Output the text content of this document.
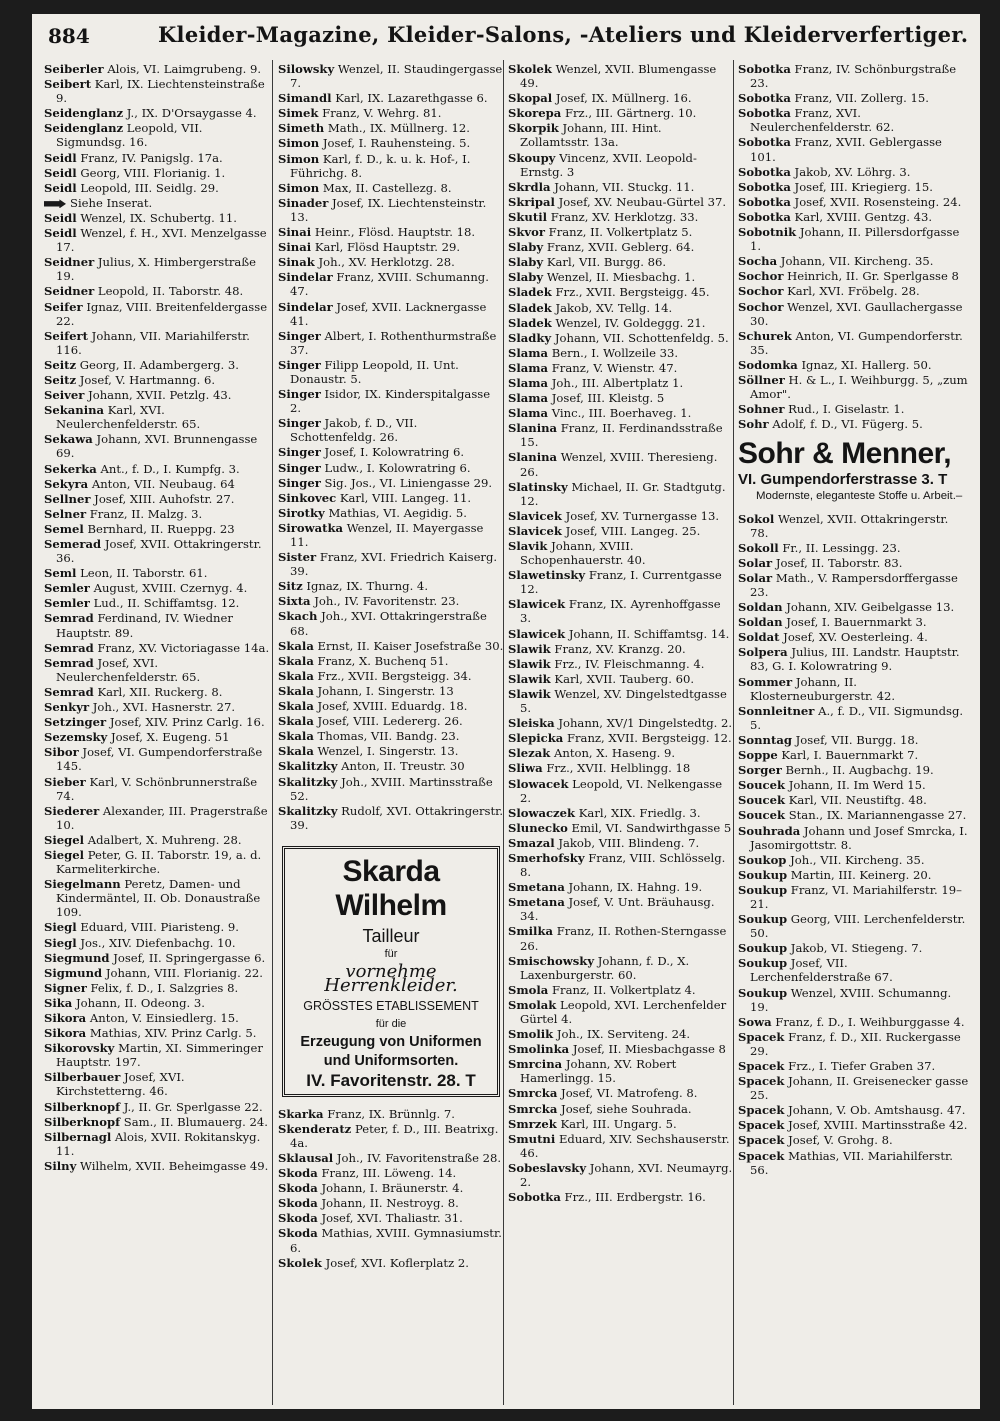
884	Kleider-Magazine, Kleider-Salons, -Ateliers und Kleiderverfertiger.
Seiberler Alois, VI. Laimgrubeng. 9.
Seibert Karl, IX. Liechtensteinstraße 9.
Seidenglanz J., IX. D'Orsaygasse 4.
Seidenglanz Leopold, VII. Sigmundsg. 16.
Seidl Franz, IV. Panigslg. 17a.
Seidl Georg, VIII. Florianig. 1.
Seidl Leopold, III. Seidlg. 29.
Siehe Inserat.
Seidl Wenzel, IX. Schubertg. 11.
Seidl Wenzel, f. H., XVI. Menzelgasse 17.
Seidner Julius, X. Himbergerstraße 19.
Seidner Leopold, II. Taborstr. 48.
Seifer Ignaz, VIII. Breitenfeldergasse 22.
Seifert Johann, VII. Mariahilferstr. 116.
Seitz Georg, II. Adambergerg. 3.
Seitz Josef, V. Hartmanng. 6.
Seiver Johann, XVII. Petzlg. 43.
Sekanina Karl, XVI. Neulerchenfelderstr. 65.
Sekawa Johann, XVI. Brunnengasse 69.
Sekerka Ant., f. D., I. Kumpfg. 3.
Sekyra Anton, VII. Neubaug. 64
Sellner Josef, XIII. Auhofstr. 27.
Selner Franz, II. Malzg. 3.
Semel Bernhard, II. Rueppg. 23
Semerad Josef, XVII. Ottakringerstr. 36.
Seml Leon, II. Taborstr. 61.
Semler August, XVIII. Czernyg. 4.
Semler Lud., II. Schiffamtsg. 12.
Semrad Ferdinand, IV. Wiedner Hauptstr. 89.
Semrad Franz, XV. Victoriagasse 14a.
Semrad Josef, XVI. Neulerchenfelderstr. 65.
Semrad Karl, XII. Ruckerg. 8.
Senkyr Joh., XVI. Hasnerstr. 27.
Setzinger Josef, XIV. Prinz Carlg. 16.
Sezemsky Josef, X. Eugeng. 51
Sibor Josef, VI. Gumpendorferstraße 145.
Sieber Karl, V. Schönbrunnerstraße 74.
Siederer Alexander, III. Pragerstraße 10.
Siegel Adalbert, X. Muhreng. 28.
Siegel Peter, G. II. Taborstr. 19, a. d. Karmeliterkirche.
Siegelmann Peretz, Damen- und Kindermäntel, II. Ob. Donaustraße 109.
Siegl Eduard, VIII. Piaristeng. 9.
Siegl Jos., XIV. Diefenbachg. 10.
Siegmund Josef, II. Springergasse 6.
Sigmund Johann, VIII. Florianig. 22.
Signer Felix, f. D., I. Salzgries 8.
Sika Johann, II. Odeong. 3.
Sikora Anton, V. Einsiedlerg. 15.
Sikora Mathias, XIV. Prinz Carlg. 5.
Sikorovsky Martin, XI. Simmeringer Hauptstr. 197.
Silberbauer Josef, XVI. Kirchstetterng. 46.
Silberknopf J., II. Gr. Sperlgasse 22.
Silberknopf Sam., II. Blumauerg. 24.
Silbernagl Alois, XVII. Rokitanskyg. 11.
Silny Wilhelm, XVII. Beheimgasse 49.
Silowsky Wenzel, II. Staudingergasse 7.
Simandl Karl, IX. Lazarethgasse 6.
Simek Franz, V. Wehrg. 81.
Simeth Math., IX. Müllnerg. 12.
Simon Josef, I. Rauhensteing. 5.
Simon Karl, f. D., k. u. k. Hof-, I. Führichg. 8.
Simon Max, II. Castellezg. 8.
Sinader Josef, IX. Liechtensteinstr. 13.
Sinai Heinr., Flösd. Hauptstr. 18.
Sinai Karl, Flösd Hauptstr. 29.
Sinak Joh., XV. Herklotzg. 28.
Sindelar Franz, XVIII. Schumanng. 47.
Sindelar Josef, XVII. Lacknergasse 41.
Singer Albert, I. Rothenthurmstraße 37.
Singer Filipp Leopold, II. Unt. Donaustr. 5.
Singer Isidor, IX. Kinderspitalgasse 2.
Singer Jakob, f. D., VII. Schottenfeldg. 26.
Singer Josef, I. Kolowratring 6.
Singer Ludw., I. Kolowratring 6.
Singer Sig. Jos., VI. Liniengasse 29.
Sinkovec Karl, VIII. Langeg. 11.
Sirotky Mathias, VI. Aegidig. 5.
Sirowatka Wenzel, II. Mayergasse 11.
Sister Franz, XVI. Friedrich Kaiserg. 39.
Sitz Ignaz, IX. Thurng. 4.
Sixta Joh., IV. Favoritenstr. 23.
Skach Joh., XVI. Ottakringerstraße 68.
Skala Ernst, II. Kaiser Josefstraße 30.
Skala Franz, X. Buchenq 51.
Skala Frz., XVII. Bergsteigg. 34.
Skala Johann, I. Singerstr. 13
Skala Josef, XVIII. Eduardg. 18.
Skala Josef, VIII. Ledererg. 26.
Skala Thomas, VII. Bandg. 23.
Skala Wenzel, I. Singerstr. 13.
Skalitzky Anton, II. Treustr. 30
Skalitzky Joh., XVIII. Martinsstraße 52.
Skalitzky Rudolf, XVI. Ottakringerstr. 39.
Skarda Wilhelm
Tailleur
für
vornehme Herrenkleider.
GRÖSSTES ETABLISSEMENT
für die
Erzeugung von Uniformen
und Uniformsorten.
IV. Favoritenstr. 28. T
Skarka Franz, IX. Brünnlg. 7.
Skenderatz Peter, f. D., III. Beatrixg. 4a.
Sklausal Joh., IV. Favoritenstraße 28.
Skoda Franz, III. Löweng. 14.
Skoda Johann, I. Bräunerstr. 4.
Skoda Johann, II. Nestroyg. 8.
Skoda Josef, XVI. Thaliastr. 31.
Skoda Mathias, XVIII. Gymnasiumstr. 6.
Skolek Josef, XVI. Koflerplatz 2.
Skolek Wenzel, XVII. Blumengasse 49.
Skopal Josef, IX. Müllnerg. 16.
Skorepa Frz., III. Gärtnerg. 10.
Skorpik Johann, III. Hint. Zollamtsstr. 13a.
Skoupy Vincenz, XVII. Leopold-Ernstg. 3
Skrdla Johann, VII. Stuckg. 11.
Skripal Josef, XV. Neubau-Gürtel 37.
Skutil Franz, XV. Herklotzg. 33.
Skvor Franz, II. Volkertplatz 5.
Slaby Franz, XVII. Geblerg. 64.
Slaby Karl, VII. Burgg. 86.
Slaby Wenzel, II. Miesbachg. 1.
Sladek Frz., XVII. Bergsteigg. 45.
Sladek Jakob, XV. Tellg. 14.
Sladek Wenzel, IV. Goldeggg. 21.
Sladky Johann, VII. Schottenfeldg. 5.
Slama Bern., I. Wollzeile 33.
Slama Franz, V. Wienstr. 47.
Slama Joh., III. Albertplatz 1.
Slama Josef, III. Kleistg. 5
Slama Vinc., III. Boerhaveg. 1.
Slanina Franz, II. Ferdinandsstraße 15.
Slanina Wenzel, XVIII. Theresieng. 26.
Slatinsky Michael, II. Gr. Stadtgutg. 12.
Slavicek Josef, XV. Turnergasse 13.
Slavicek Josef, VIII. Langeg. 25.
Slavik Johann, XVIII. Schopenhauerstr. 40.
Slawetinsky Franz, I. Currentgasse 12.
Slawicek Franz, IX. Ayrenhoffgasse 3.
Slawicek Johann, II. Schiffamtsg. 14.
Slawik Franz, XV. Kranzg. 20.
Slawik Frz., IV. Fleischmanng. 4.
Slawik Karl, XVII. Tauberg. 60.
Slawik Wenzel, XV. Dingelstedtgasse 5.
Sleiska Johann, XV/1 Dingelstedtg. 2.
Slepicka Franz, XVII. Bergsteigg. 12.
Slezak Anton, X. Haseng. 9.
Sliwa Frz., XVII. Helblingg. 18
Slowacek Leopold, VI. Nelkengasse 2.
Slowaczek Karl, XIX. Friedlg. 3.
Slunecko Emil, VI. Sandwirthgasse 5
Smazal Jakob, VIII. Blindeng. 7.
Smerhofsky Franz, VIII. Schlösselg. 8.
Smetana Johann, IX. Hahng. 19.
Smetana Josef, V. Unt. Bräuhausg. 34.
Smilka Franz, II. Rothen-Sterngasse 26.
Smischowsky Johann, f. D., X. Laxenburgerstr. 60.
Smola Franz, II. Volkertplatz 4.
Smolak Leopold, XVI. Lerchenfelder Gürtel 4.
Smolik Joh., IX. Serviteng. 24.
Smolinka Josef, II. Miesbachgasse 8
Smrcina Johann, XV. Robert Hamerlingg. 15.
Smrcka Josef, VI. Matrofeng. 8.
Smrcka Josef, siehe Souhrada.
Smrzek Karl, III. Ungarg. 5.
Smutni Eduard, XIV. Sechshauserstr. 46.
Sobeslavsky Johann, XVI. Neumayrg. 2.
Sobotka Frz., III. Erdbergstr. 16.
Sobotka Franz, IV. Schönburgstraße 23.
Sobotka Franz, VII. Zollerg. 15.
Sobotka Franz, XVI. Neulerchenfelderstr. 62.
Sobotka Franz, XVII. Geblergasse 101.
Sobotka Jakob, XV. Löhrg. 3.
Sobotka Josef, III. Kriegierg. 15.
Sobotka Josef, XVII. Rosensteing. 24.
Sobotka Karl, XVIII. Gentzg. 43.
Sobotnik Johann, II. Pillersdorfgasse 1.
Socha Johann, VII. Kircheng. 35.
Sochor Heinrich, II. Gr. Sperlgasse 8
Sochor Karl, XVI. Fröbelg. 28.
Sochor Wenzel, XVI. Gaullachergasse 30.
Schurek Anton, VI. Gumpendorferstr. 35.
Sodomka Ignaz, XI. Hallerg. 50.
Söllner H. & L., I. Weihburgg. 5, „zum Amor".
Sohner Rud., I. Giselastr. 1.
Sohr Adolf, f. D., VI. Fügerg. 5.
Sohr & Menner,
VI. Gumpendorferstrasse 3. T
Modernste, eleganteste Stoffe u. Arbeit.–
Sokol Wenzel, XVII. Ottakringerstr. 78.
Sokoll Fr., II. Lessingg. 23.
Solar Josef, II. Taborstr. 83.
Solar Math., V. Rampersdorffergasse 23.
Soldan Johann, XIV. Geibelgasse 13.
Soldan Josef, I. Bauernmarkt 3.
Soldat Josef, XV. Oesterleing. 4.
Solpera Julius, III. Landstr. Hauptstr. 83, G. I. Kolowratring 9.
Sommer Johann, II. Klosterneuburgerstr. 42.
Sonnleitner A., f. D., VII. Sigmundsg. 5.
Sonntag Josef, VII. Burgg. 18.
Soppe Karl, I. Bauernmarkt 7.
Sorger Bernh., II. Augbachg. 19.
Soucek Johann, II. Im Werd 15.
Soucek Karl, VII. Neustiftg. 48.
Soucek Stan., IX. Mariannengasse 27.
Souhrada Johann und Josef Smrcka, I. Jasomirgottstr. 8.
Soukop Joh., VII. Kircheng. 35.
Soukup Martin, III. Keinerg. 20.
Soukup Franz, VI. Mariahilferstr. 19–21.
Soukup Georg, VIII. Lerchenfelderstr. 50.
Soukup Jakob, VI. Stiegeng. 7.
Soukup Josef, VII. Lerchenfelderstraße 67.
Soukup Wenzel, XVIII. Schumanng. 19.
Sowa Franz, f. D., I. Weihburggasse 4.
Spacek Franz, f. D., XII. Ruckergasse 29.
Spacek Frz., I. Tiefer Graben 37.
Spacek Johann, II. Greisenecker gasse 25.
Spacek Johann, V. Ob. Amtshausg. 47.
Spacek Josef, XVIII. Martinsstraße 42.
Spacek Josef, V. Grohg. 8.
Spacek Mathias, VII. Mariahilferstr. 56.
